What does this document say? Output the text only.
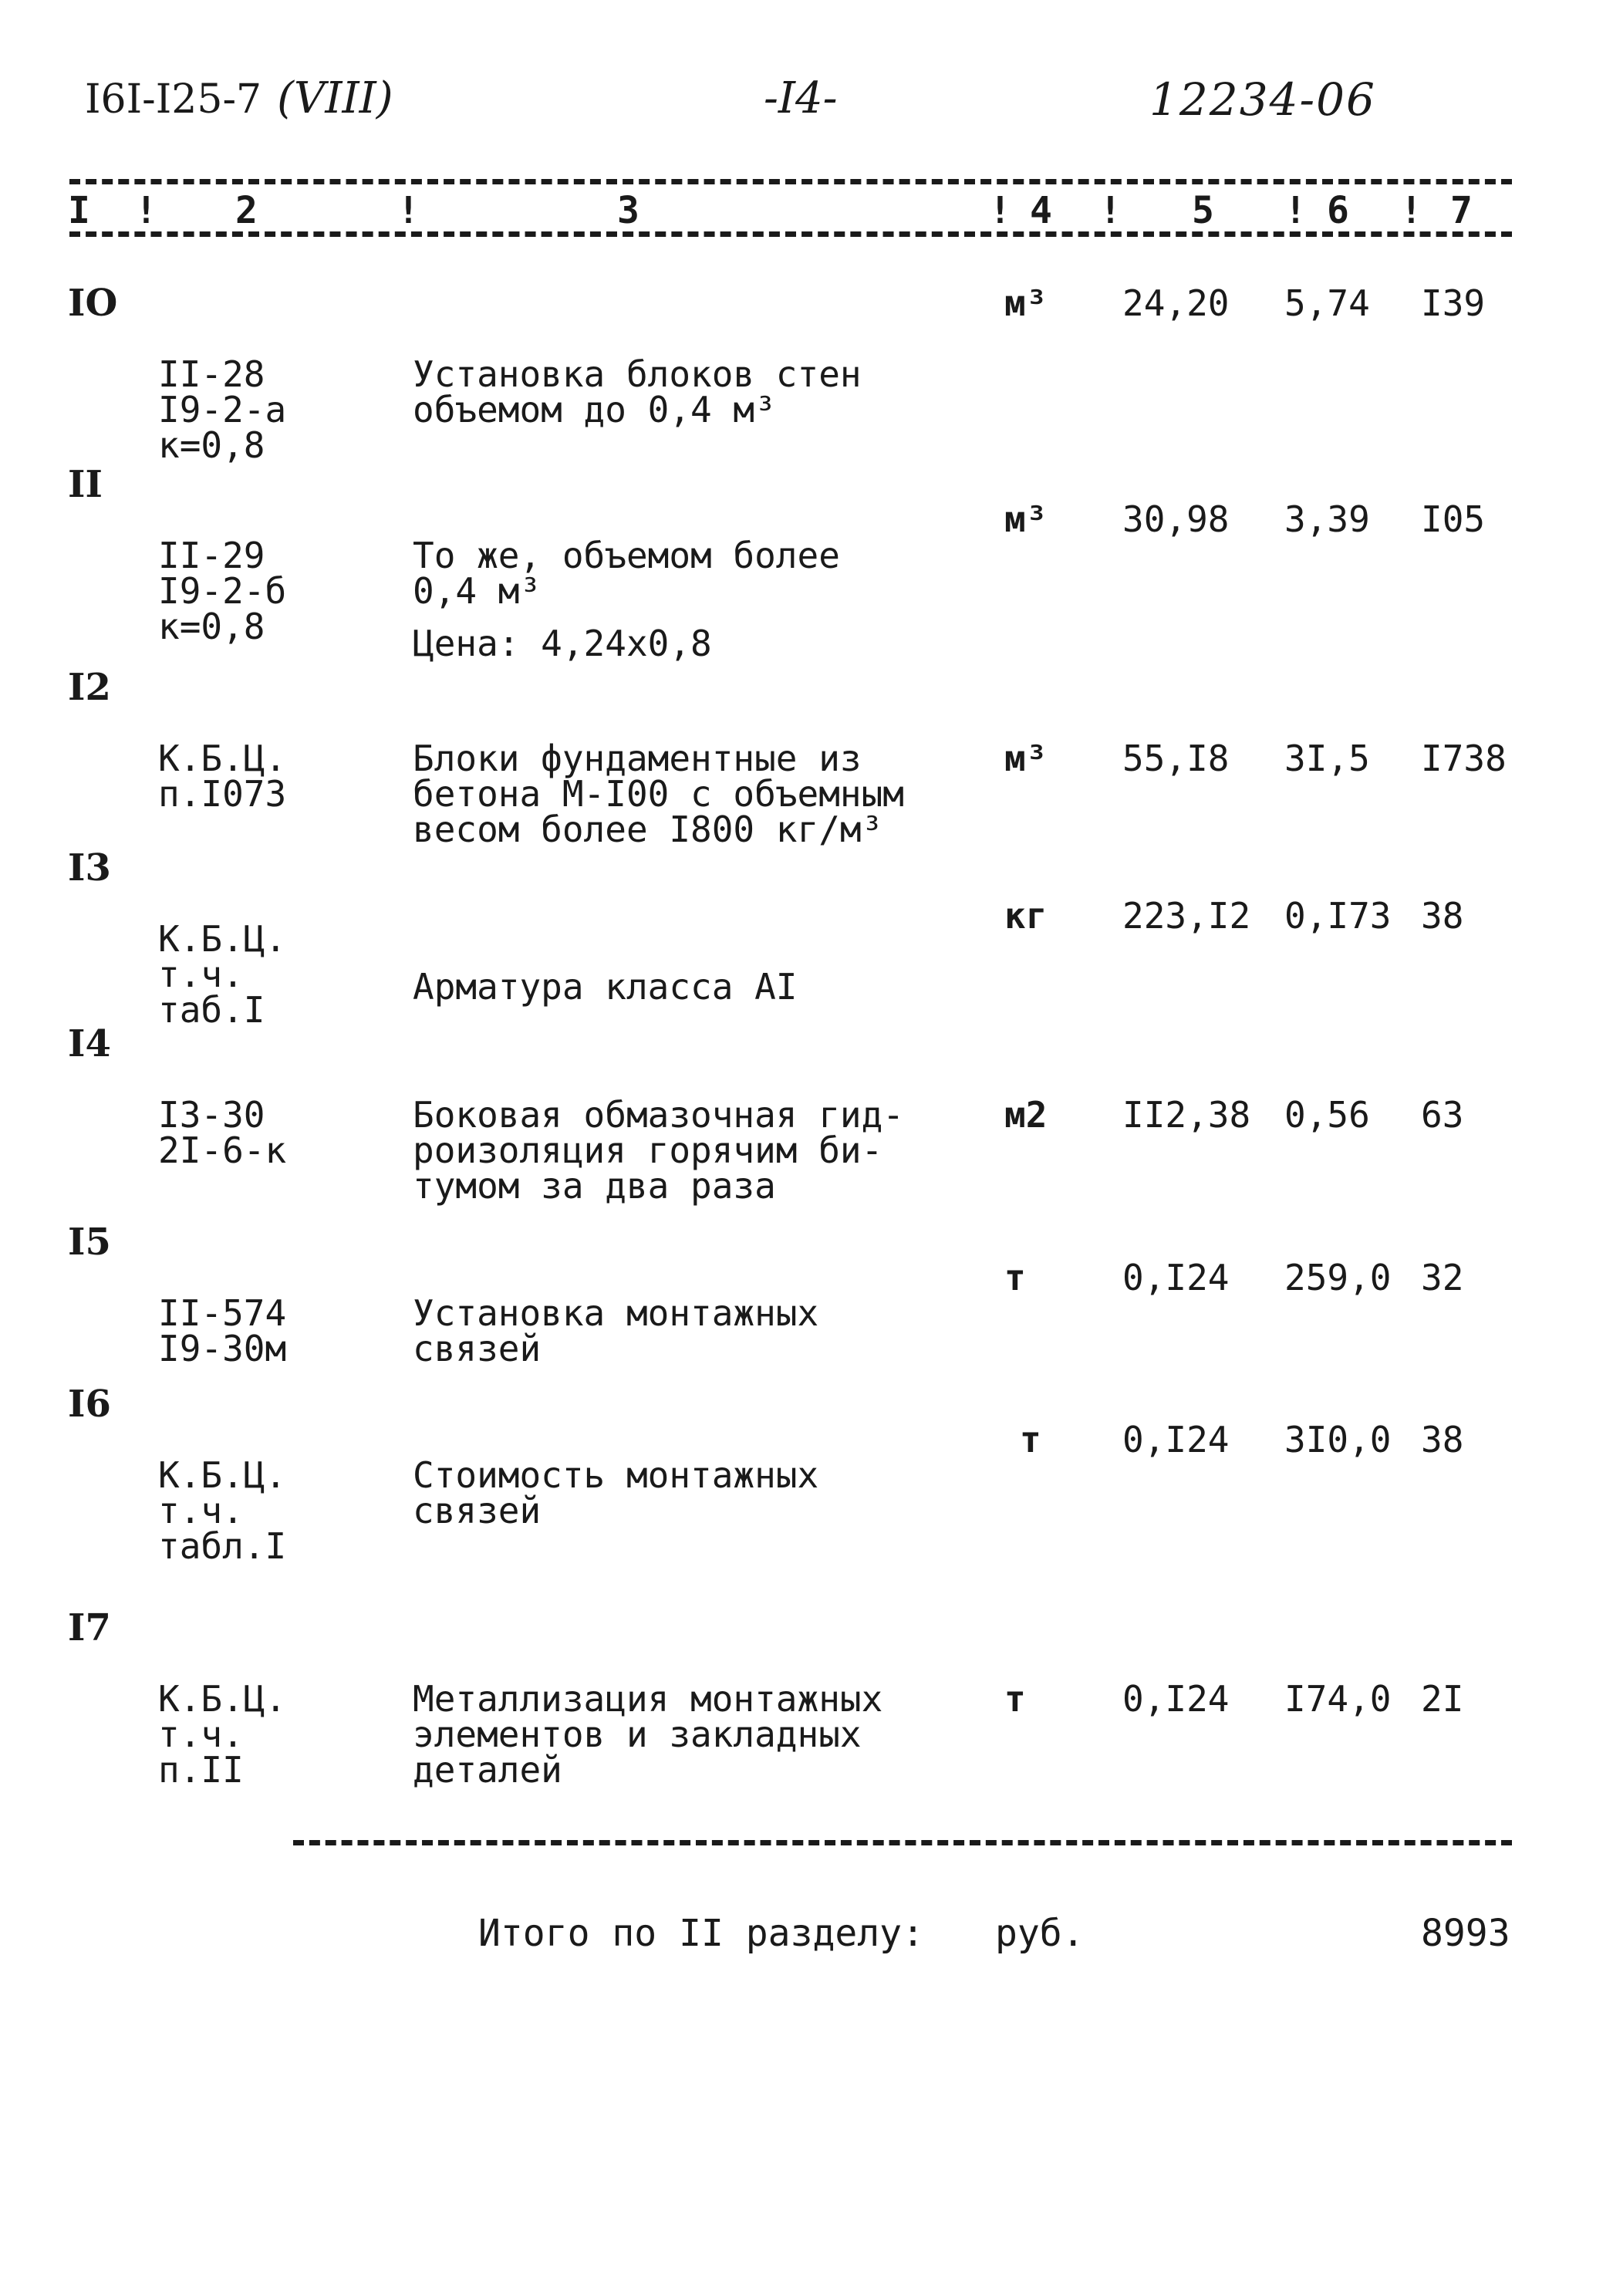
I6I-I25-7 (VIII)	-I4-	12234-06
I ! 2	!	3	! 4 ! 5 ! 6 ! 7
IO

II-28
I9-2-а
к=0,8

Установка блоков стен
объемом до 0,4 м³

м³ 24,20 5,74 I39
II

II-29
I9-2-б
к=0,8

То же, объемом более
0,4 м³
Цена: 4,24x0,8

м³ 30,98 3,39 I05
I2

К.Б.Ц.
п.I073

Блоки фундаментные из
бетона М-I00 с объемным
весом более I800 кг/м³

м³ 55,I8 3I,5 I738
I3

К.Б.Ц.
т.ч.
таб.I

Арматура класса AI

кг 223,I2 0,I73 38
I4

I3-30
2I-6-к

Боковая обмазочная гид-
роизоляция горячим би-
тумом за два раза

м2 II2,38 0,56 63
I5

II-574
I9-30м

Установка монтажных
связей

т	0,I24 259,0 32
I6

К.Б.Ц.
т.ч.
табл.I

Стоимость монтажных
связей

т 0,I24 3I0,0 38
I7

К.Б.Ц.
т.ч.
п.II

Металлизация монтажных
элементов и закладных
деталей

т	0,I24 I74,0 2I
Итого по II разделу: руб.	8993
